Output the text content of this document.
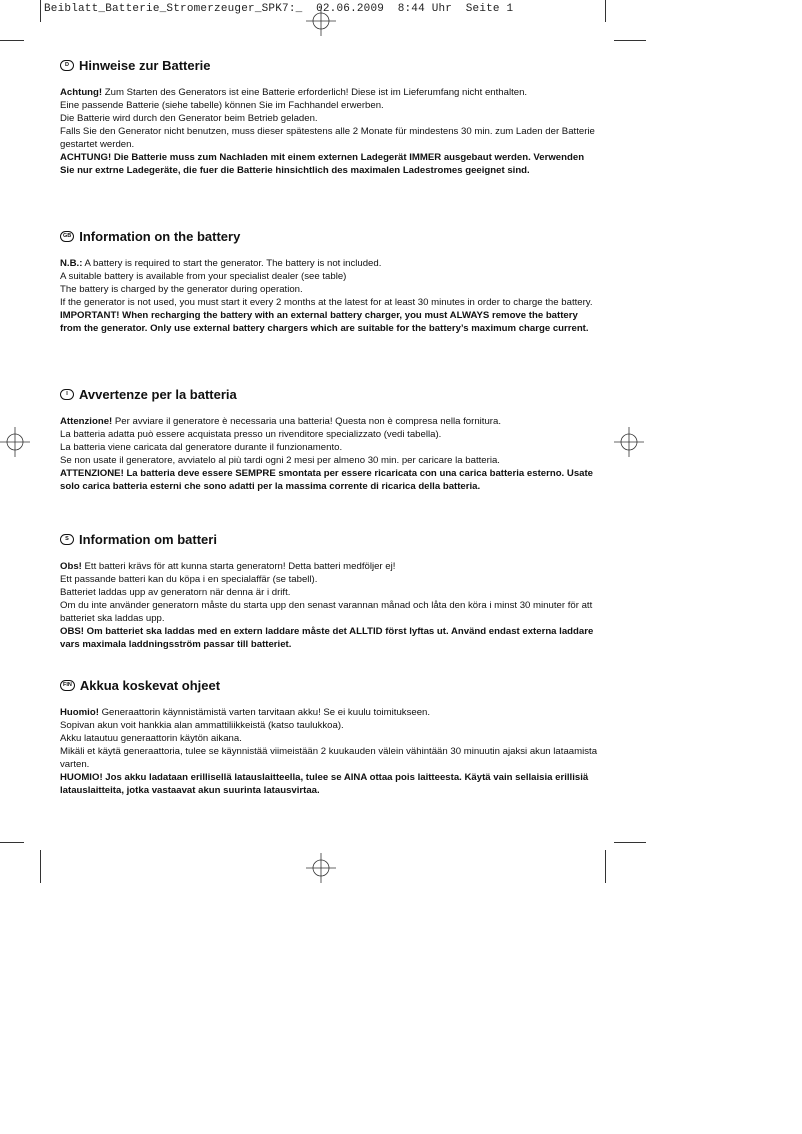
Beiblatt_Batterie_Stromerzeuger_SPK7:_ 02.06.2009 8:44 Uhr Seite 1
D Hinweise zur Batterie

Achtung! Zum Starten des Generators ist eine Batterie erforderlich! Diese ist im Lieferumfang nicht enthalten.

Eine passende Batterie (siehe tabelle) können Sie im Fachhandel erwerben.

Die Batterie wird durch den Generator beim Betrieb geladen.

Falls Sie den Generator nicht benutzen, muss dieser spätestens alle 2 Monate für mindestens 30 min. zum Laden der Batterie gestartet werden.

ACHTUNG! Die Batterie muss zum Nachladen mit einem externen Ladegerät IMMER ausgebaut werden. Verwenden Sie nur extrne Ladegeräte, die fuer die Batterie hinsichtlich des maximalen Ladestromes geeignet sind.

GB Information on the battery

N.B.: A battery is required to start the generator. The battery is not included.

A suitable battery is available from your specialist dealer (see table)

The battery is charged by the generator during operation.

If the generator is not used, you must start it every 2 months at the latest for at least 30 minutes in order to charge the battery.

IMPORTANT! When recharging the battery with an external battery charger, you must ALWAYS remove the battery from the generator. Only use external battery chargers which are suitable for the battery’s maximum charge current.

I Avvertenze per la batteria

Attenzione! Per avviare il generatore è necessaria una batteria! Questa non è compresa nella fornitura.

La batteria adatta può essere acquistata presso un rivenditore specializzato (vedi tabella).

La batteria viene caricata dal generatore durante il funzionamento.

Se non usate il generatore, avviatelo al più tardi ogni 2 mesi per almeno 30 min. per caricare la batteria.

ATTENZIONE! La batteria deve essere SEMPRE smontata per essere ricaricata con una carica batteria esterno. Usate solo carica batteria esterni che sono adatti per la massima corrente di ricarica della batteria.

S Information om batteri

Obs! Ett batteri krävs för att kunna starta generatorn! Detta batteri medföljer ej!

Ett passande batteri kan du köpa i en specialaffär (se tabell).

Batteriet laddas upp av generatorn när denna är i drift.

Om du inte använder generatorn måste du starta upp den senast varannan månad och låta den köra i minst 30 minuter för att batteriet ska laddas upp.

OBS! Om batteriet ska laddas med en extern laddare måste det ALLTID först lyftas ut. Använd endast externa laddare vars maximala laddningsström passar till batteriet.

FIN Akkua koskevat ohjeet

Huomio! Generaattorin käynnistämistä varten tarvitaan akku! Se ei kuulu toimitukseen.

Sopivan akun voit hankkia alan ammattiliikkeistä (katso taulukkoa).

Akku latautuu generaattorin käytön aikana.

Mikäli et käytä generaattoria, tulee se käynnistää viimeistään 2 kuukauden välein vähintään 30 minuutin ajaksi akun lataamista varten.

HUOMIO! Jos akku ladataan erillisellä latauslaitteella, tulee se AINA ottaa pois laitteesta. Käytä vain sellaisia erillisiä latauslaitteita, jotka vastaavat akun suurinta latausvirtaa.
